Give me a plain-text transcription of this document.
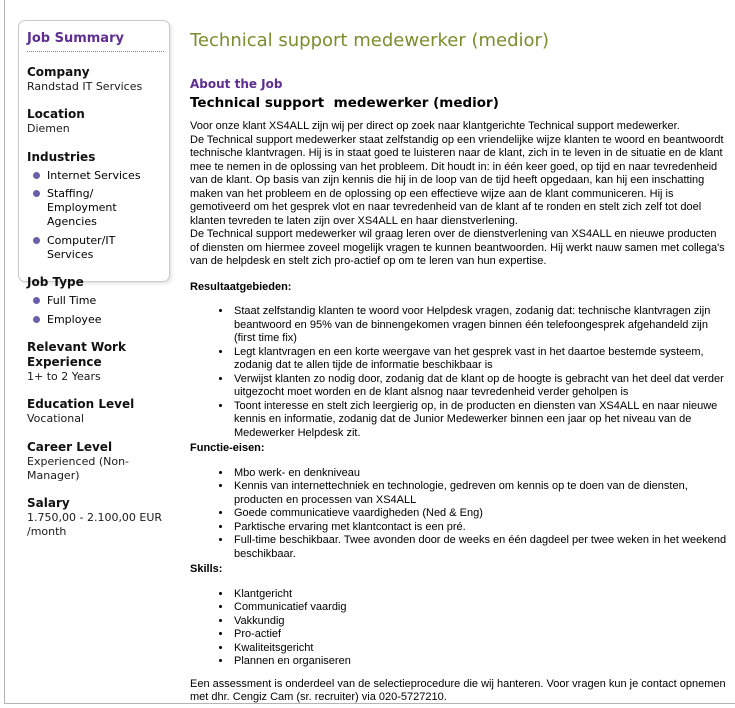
Job Summary
Company
Randstad IT Services
Location
Diemen
Industries
Internet Services
Staffing/ Employment Agencies
Computer/IT Services
Job Type
Full Time
Employee
Relevant Work Experience
1+ to 2 Years
Education Level
Vocational
Career Level
Experienced (Non-Manager)
Salary
1.750,00 - 2.100,00 EUR /month
Technical support medewerker (medior)
About the Job
Technical support  medewerker (medior)
Voor onze klant XS4ALL zijn wij per direct op zoek naar klantgerichte Technical support medewerker.
De Technical support medewerker staat zelfstandig op een vriendelijke wijze klanten te woord en beantwoordt technische klantvragen. Hij is in staat goed te luisteren naar de klant, zich in te leven in de situatie en de klant mee te nemen in de oplossing van het probleem. Dit houdt in: in één keer goed, op tijd en naar tevredenheid van de klant. Op basis van zijn kennis die hij in de loop van de tijd heeft opgedaan, kan hij een inschatting maken van het probleem en de oplossing op een effectieve wijze aan de klant communiceren. Hij is gemotiveerd om het gesprek vlot en naar tevredenheid van de klant af te ronden en stelt zich zelf tot doel klanten tevreden te laten zijn over XS4ALL en haar dienstverlening.
De Technical support medewerker wil graag leren over de dienstverlening van XS4ALL en nieuwe producten of diensten om hiermee zoveel mogelijk vragen te kunnen beantwoorden. Hij werkt nauw samen met collega's van de helpdesk en stelt zich pro-actief op om te leren van hun expertise.
Resultaatgebieden:
• Staat zelfstandig klanten te woord voor Helpdesk vragen, zodanig dat: technische klantvragen zijn beantwoord en 95% van de binnengekomen vragen binnen één telefoongesprek afgehandeld zijn (first time fix)
• Legt klantvragen en een korte weergave van het gesprek vast in het daartoe bestemde systeem, zodanig dat te allen tijde de informatie beschikbaar is
• Verwijst klanten zo nodig door, zodanig dat de klant op de hoogte is gebracht van het deel dat verder uitgezocht moet worden en de klant alsnog naar tevredenheid verder geholpen is
• Toont interesse en stelt zich leergierig op, in de producten en diensten van XS4ALL en naar nieuwe kennis en informatie, zodanig dat de Junior Medewerker binnen een jaar op het niveau van de Medewerker Helpdesk zit.
Functie-eisen:
• Mbo werk- en denkniveau
• Kennis van internettechniek en technologie, gedreven om kennis op te doen van de diensten, producten en processen van XS4ALL
• Goede communicatieve vaardigheden (Ned & Eng)
• Parktische ervaring met klantcontact is een pré.
• Full-time beschikbaar. Twee avonden door de weeks en één dagdeel per twee weken in het weekend beschikbaar.
Skills:
• Klantgericht
• Communicatief vaardig
• Vakkundig
• Pro-actief
• Kwaliteitsgericht
• Plannen en organiseren
Een assessment is onderdeel van de selectieprocedure die wij hanteren. Voor vragen kun je contact opnemen met dhr. Cengiz Cam (sr. recruiter) via 020-5727210.
